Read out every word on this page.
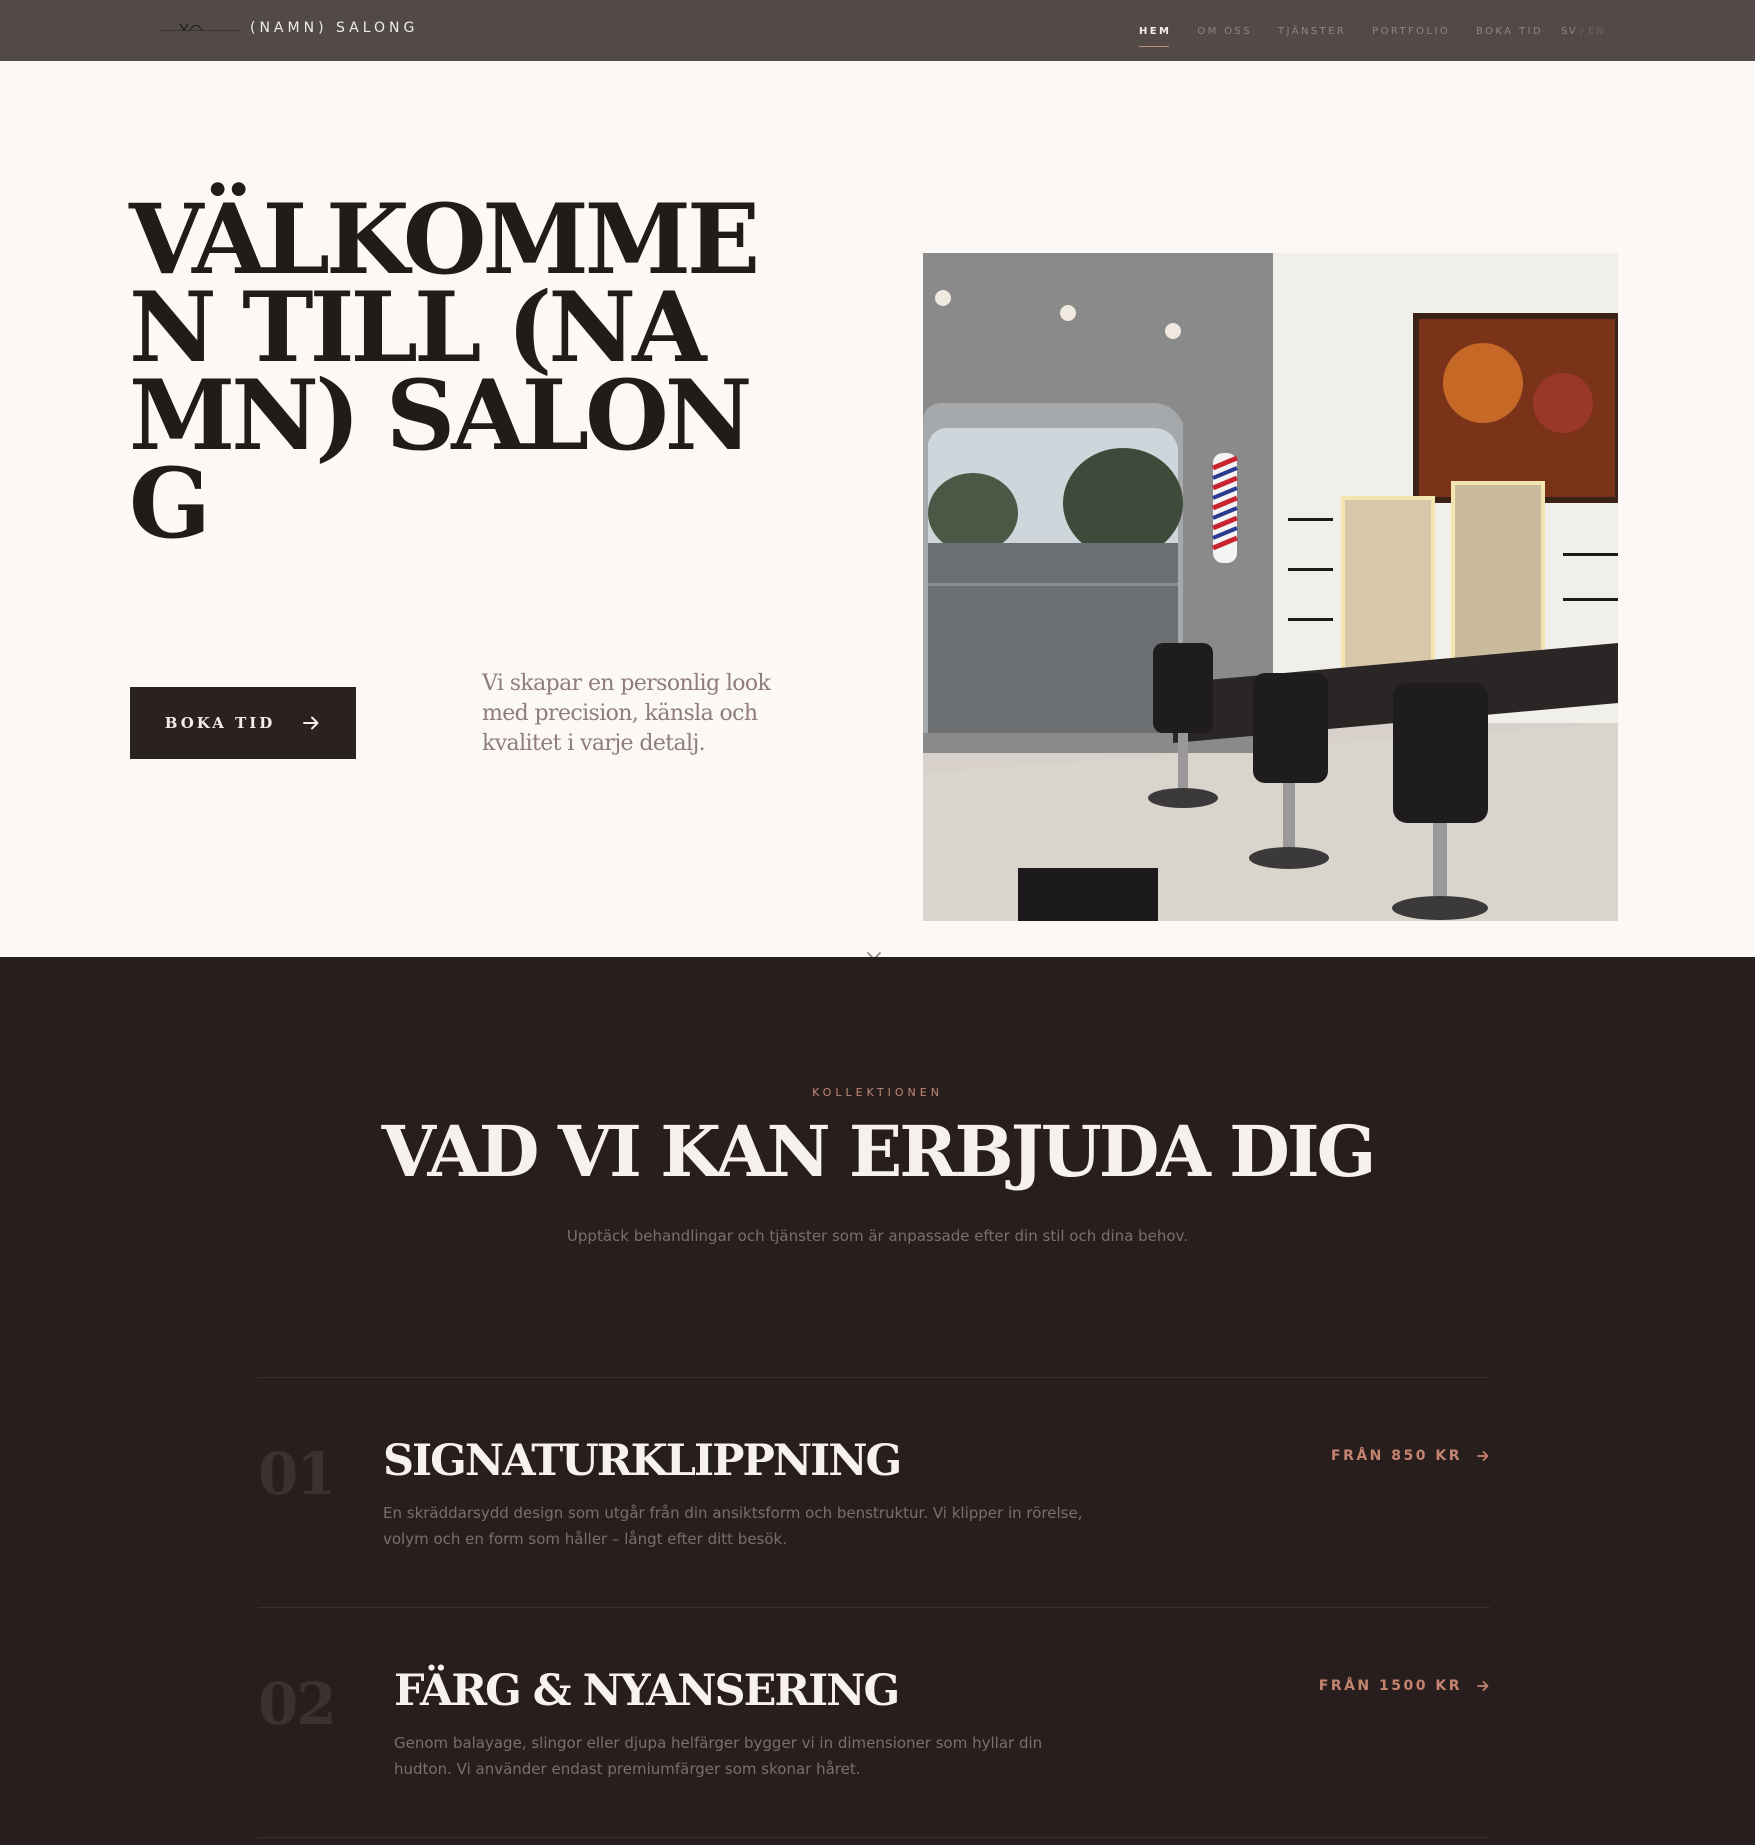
(NAMN) SALONG	HEM	OM OSS	TJÄNSTER	PORTFOLIO	BOKA TID SV / EN
VÄLKOMMEN TILL (NAMN) SALONG
BOKA TID

Vi skapar en personlig look med precision, känsla och kvalitet i varje detalj.

KOLLEKTIONEN
VAD VI KAN ERBJUDA DIG

Upptäck behandlingar och tjänster som är anpassade efter din stil och dina behov.

01 SIGNATURKLIPPNING

En skräddarsydd design som utgår från din ansiktsform och benstruktur. Vi klipper in rörelse, volym och en form som håller – långt efter ditt besök.

FRÅN 850 KR
02 FÄRG & NYANSERING

Genom balayage, slingor eller djupa helfärger bygger vi in dimensioner som hyllar din hudton. Vi använder endast premiumfärger som skonar håret.

FRÅN 1500 KR
